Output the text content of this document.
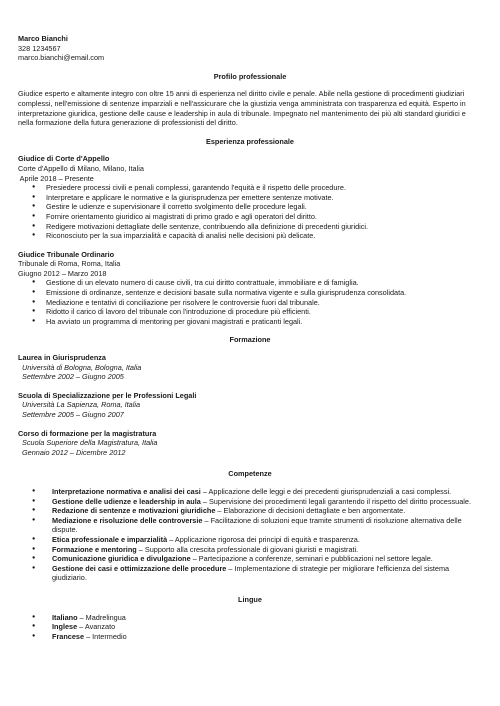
Marco Bianchi
328 1234567
marco.bianchi@email.com
Profilo professionale
Giudice esperto e altamente integro con oltre 15 anni di esperienza nel diritto civile e penale. Abile nella gestione di procedimenti giudiziari complessi, nell'emissione di sentenze imparziali e nell'assicurare che la giustizia venga amministrata con trasparenza ed equità. Esperto in interpretazione giuridica, gestione delle cause e leadership in aula di tribunale. Impegnato nel mantenimento dei più alti standard giuridici e nella formazione della futura generazione di professionisti del diritto.
Esperienza professionale
Giudice di Corte d'Appello
Corte d'Appello di Milano, Milano, Italia
Aprile 2018 – Presente
● Presiedere processi civili e penali complessi, garantendo l'equità e il rispetto delle procedure.
● Interpretare e applicare le normative e la giurisprudenza per emettere sentenze motivate.
● Gestire le udienze e supervisionare il corretto svolgimento delle procedure legali.
● Fornire orientamento giuridico ai magistrati di primo grado e agli operatori del diritto.
● Redigere motivazioni dettagliate delle sentenze, contribuendo alla definizione di precedenti giuridici.
● Riconosciuto per la sua imparzialità e capacità di analisi nelle decisioni più delicate.
Giudice Tribunale Ordinario
Tribunale di Roma, Roma, Italia
Giugno 2012 – Marzo 2018
● Gestione di un elevato numero di cause civili, tra cui diritto contrattuale, immobiliare e di famiglia.
● Emissione di ordinanze, sentenze e decisioni basate sulla normativa vigente e sulla giurisprudenza consolidata.
● Mediazione e tentativi di conciliazione per risolvere le controversie fuori dal tribunale.
● Ridotto il carico di lavoro del tribunale con l'introduzione di procedure più efficienti.
● Ha avviato un programma di mentoring per giovani magistrati e praticanti legali.
Formazione
Laurea in Giurisprudenza
Università di Bologna, Bologna, Italia
Settembre 2002 – Giugno 2005
Scuola di Specializzazione per le Professioni Legali
Università La Sapienza, Roma, Italia
Settembre 2005 – Giugno 2007
Corso di formazione per la magistratura
Scuola Superiore della Magistratura, Italia
Gennaio 2012 – Dicembre 2012
Competenze
● Interpretazione normativa e analisi dei casi – Applicazione delle leggi e dei precedenti giurisprudenziali a casi complessi.
● Gestione delle udienze e leadership in aula – Supervisione dei procedimenti legali garantendo il rispetto del diritto processuale.
● Redazione di sentenze e motivazioni giuridiche – Elaborazione di decisioni dettagliate e ben argomentate.
● Mediazione e risoluzione delle controversie – Facilitazione di soluzioni eque tramite strumenti di risoluzione alternativa delle dispute.
● Etica professionale e imparzialità – Applicazione rigorosa dei principi di equità e trasparenza.
● Formazione e mentoring – Supporto alla crescita professionale di giovani giuristi e magistrati.
● Comunicazione giuridica e divulgazione – Partecipazione a conferenze, seminari e pubblicazioni nel settore legale.
● Gestione dei casi e ottimizzazione delle procedure – Implementazione di strategie per migliorare l'efficienza del sistema giudiziario.
Lingue
● Italiano – Madrelingua
● Inglese – Avanzato
● Francese – Intermedio
